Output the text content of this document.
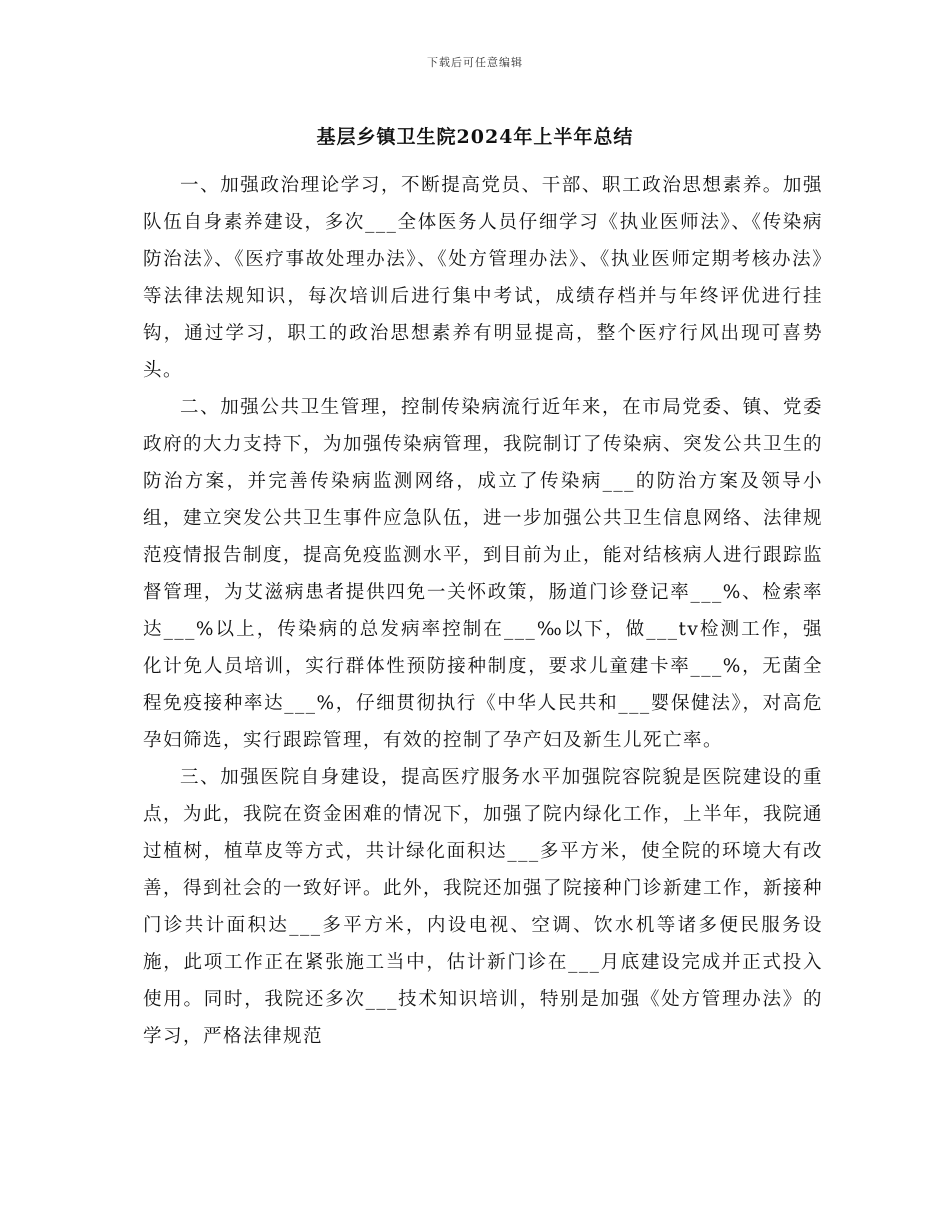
下载后可任意编辑
基层乡镇卫生院2024年上半年总结

一、加强政治理论学习，不断提高党员、干部、职工政治思想素养。加强队伍自身素养建设，多次___全体医务人员仔细学习《执业医师法》、《传染病防治法》、《医疗事故处理办法》、《处方管理办法》、《执业医师定期考核办法》等法律法规知识，每次培训后进行集中考试，成绩存档并与年终评优进行挂钩，通过学习，职工的政治思想素养有明显提高，整个医疗行风出现可喜势头。

二、加强公共卫生管理，控制传染病流行近年来，在市局党委、镇、党委政府的大力支持下，为加强传染病管理，我院制订了传染病、突发公共卫生的防治方案，并完善传染病监测网络，成立了传染病___的防治方案及领导小组，建立突发公共卫生事件应急队伍，进一步加强公共卫生信息网络、法律规范疫情报告制度，提高免疫监测水平，到目前为止，能对结核病人进行跟踪监督管理，为艾滋病患者提供四免一关怀政策，肠道门诊登记率___%、检索率达___%以上，传染病的总发病率控制在___‰以下，做___tv检测工作，强化计免人员培训，实行群体性预防接种制度，要求儿童建卡率___%，无菌全程免疫接种率达___%，仔细贯彻执行《中华人民共和___婴保健法》，对高危孕妇筛选，实行跟踪管理，有效的控制了孕产妇及新生儿死亡率。

三、加强医院自身建设，提高医疗服务水平加强院容院貌是医院建设的重点，为此，我院在资金困难的情况下，加强了院内绿化工作，上半年，我院通过植树，植草皮等方式，共计绿化面积达___多平方米，使全院的环境大有改善，得到社会的一致好评。此外，我院还加强了院接种门诊新建工作，新接种门诊共计面积达___多平方米，内设电视、空调、饮水机等诸多便民服务设施，此项工作正在紧张施工当中，估计新门诊在___月底建设完成并正式投入使用。同时，我院还多次___技术知识培训，特别是加强《处方管理办法》的学习，严格法律规范
